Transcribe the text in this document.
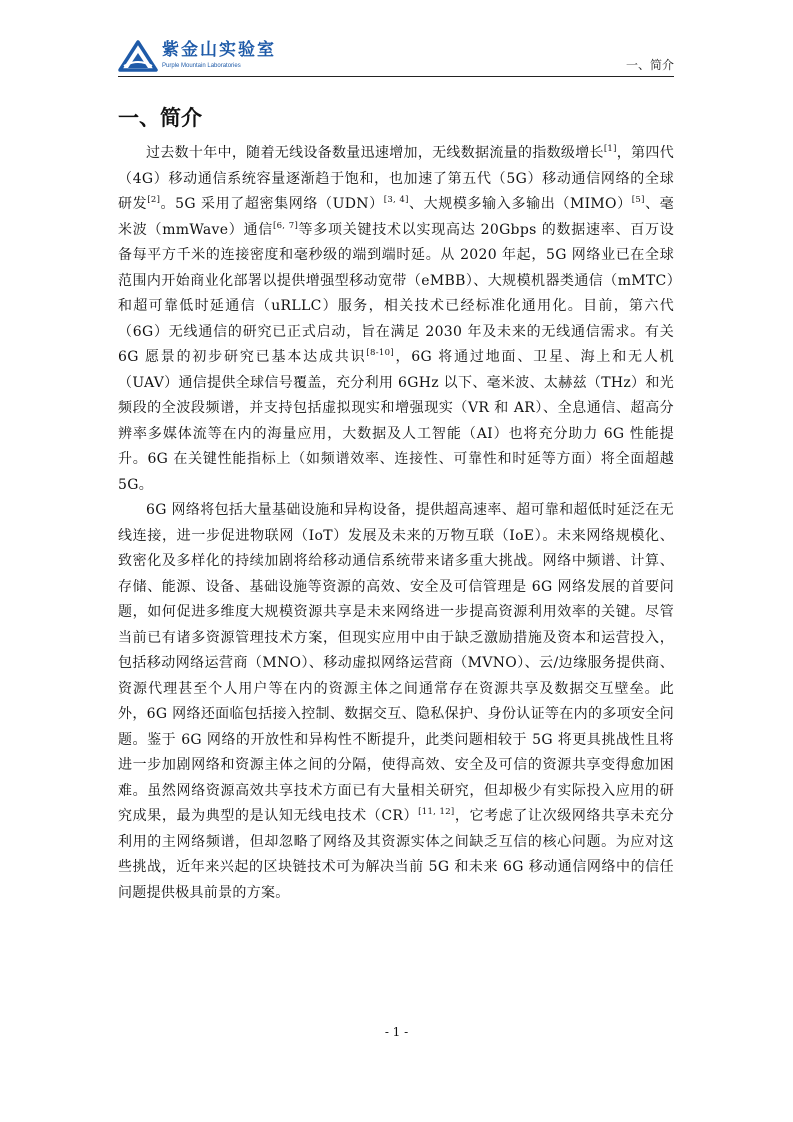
紫金山实验室
Purple Mountain Laboratories	一、简介
一、简介

过去数十年中，随着无线设备数量迅速增加，无线数据流量的指数级增长[1]，第四代（4G）移动通信系统容量逐渐趋于饱和，也加速了第五代（5G）移动通信网络的全球研发[2]。5G 采用了超密集网络（UDN）[3, 4]、大规模多输入多输出（MIMO）[5]、毫米波（mmWave）通信[6, 7]等多项关键技术以实现高达 20Gbps 的数据速率、百万设备每平方千米的连接密度和毫秒级的端到端时延。从 2020 年起，5G 网络业已在全球范围内开始商业化部署以提供增强型移动宽带（eMBB）、大规模机器类通信（mMTC）和超可靠低时延通信（uRLLC）服务，相关技术已经标准化通用化。目前，第六代（6G）无线通信的研究已正式启动，旨在满足 2030 年及未来的无线通信需求。有关 6G 愿景的初步研究已基本达成共识[8-10]，6G 将通过地面、卫星、海上和无人机（UAV）通信提供全球信号覆盖，充分利用 6GHz 以下、毫米波、太赫兹（THz）和光频段的全波段频谱，并支持包括虚拟现实和增强现实（VR 和 AR）、全息通信、超高分辨率多媒体流等在内的海量应用，大数据及人工智能（AI）也将充分助力 6G 性能提升。6G 在关键性能指标上（如频谱效率、连接性、可靠性和时延等方面）将全面超越 5G。

6G 网络将包括大量基础设施和异构设备，提供超高速率、超可靠和超低时延泛在无线连接，进一步促进物联网（IoT）发展及未来的万物互联（IoE）。未来网络规模化、致密化及多样化的持续加剧将给移动通信系统带来诸多重大挑战。网络中频谱、计算、存储、能源、设备、基础设施等资源的高效、安全及可信管理是 6G 网络发展的首要问题，如何促进多维度大规模资源共享是未来网络进一步提高资源利用效率的关键。尽管当前已有诸多资源管理技术方案，但现实应用中由于缺乏激励措施及资本和运营投入，包括移动网络运营商（MNO）、移动虚拟网络运营商（MVNO）、云/边缘服务提供商、资源代理甚至个人用户等在内的资源主体之间通常存在资源共享及数据交互壁垒。此外，6G 网络还面临包括接入控制、数据交互、隐私保护、身份认证等在内的多项安全问题。鉴于 6G 网络的开放性和异构性不断提升，此类问题相较于 5G 将更具挑战性且将进一步加剧网络和资源主体之间的分隔，使得高效、安全及可信的资源共享变得愈加困难。虽然网络资源高效共享技术方面已有大量相关研究，但却极少有实际投入应用的研究成果，最为典型的是认知无线电技术（CR）[11, 12]，它考虑了让次级网络共享未充分利用的主网络频谱，但却忽略了网络及其资源实体之间缺乏互信的核心问题。为应对这些挑战，近年来兴起的区块链技术可为解决当前 5G 和未来 6G 移动通信网络中的信任问题提供极具前景的方案。

- 1 -
